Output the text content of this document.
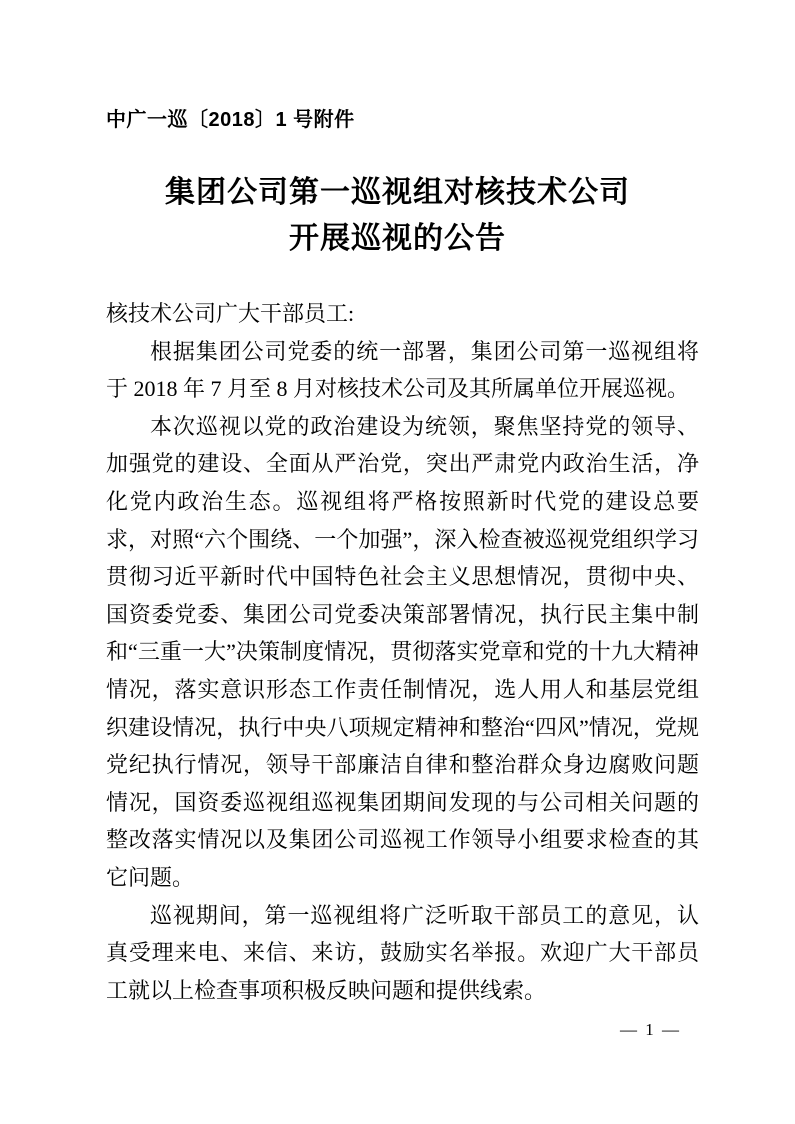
中广一巡〔2018〕1 号附件
集团公司第一巡视组对核技术公司
开展巡视的公告

核技术公司广大干部员工:

根据集团公司党委的统一部署，集团公司第一巡视组将于 2018 年 7 月至 8 月对核技术公司及其所属单位开展巡视。

本次巡视以党的政治建设为统领，聚焦坚持党的领导、加强党的建设、全面从严治党，突出严肃党内政治生活，净化党内政治生态。巡视组将严格按照新时代党的建设总要求，对照“六个围绕、一个加强”，深入检查被巡视党组织学习贯彻习近平新时代中国特色社会主义思想情况，贯彻中央、国资委党委、集团公司党委决策部署情况，执行民主集中制和“三重一大”决策制度情况，贯彻落实党章和党的十九大精神情况，落实意识形态工作责任制情况，选人用人和基层党组织建设情况，执行中央八项规定精神和整治“四风”情况，党规党纪执行情况，领导干部廉洁自律和整治群众身边腐败问题情况，国资委巡视组巡视集团期间发现的与公司相关问题的整改落实情况以及集团公司巡视工作领导小组要求检查的其它问题。

巡视期间，第一巡视组将广泛听取干部员工的意见，认真受理来电、来信、来访，鼓励实名举报。欢迎广大干部员工就以上检查事项积极反映问题和提供线索。

— 1 —
